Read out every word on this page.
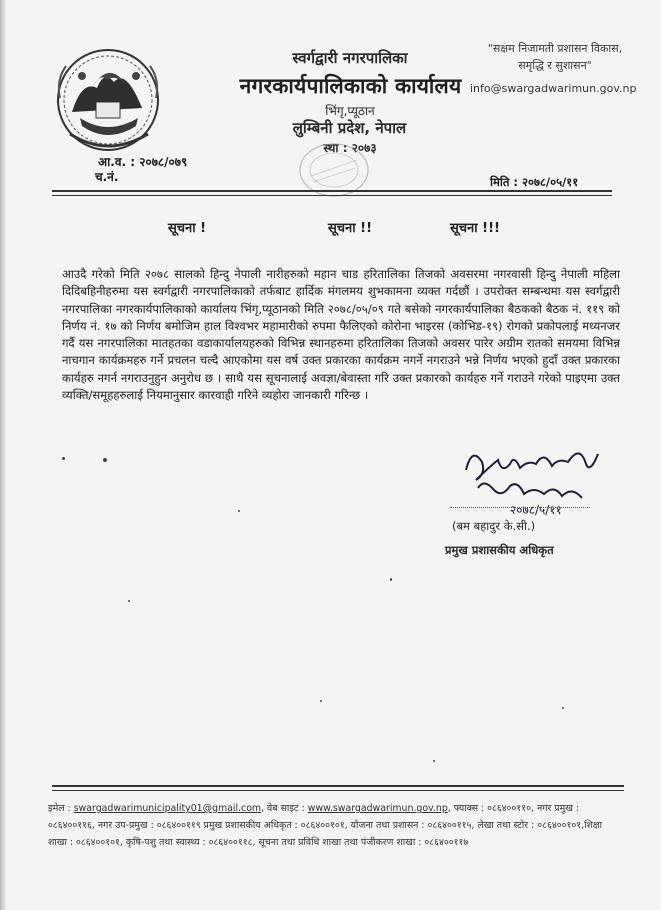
स्वर्गद्वारी नगरपालिका
नगरकार्यपालिकाको कार्यालय
भिंगृ,प्यूठान
लुम्बिनी प्रदेश, नेपाल
स्था : २०७३
"सक्षम निजामती प्रशासन विकास,
समृद्धि र सुशासन"
info@swargadwarimun.gov.np
आ.व. : २०७८/०७९
च.नं.	मिति : २०७८/०५/११
सूचना !	सूचना !!	सूचना !!!
आउदै गरेको मिति २०७८ सालको हिन्दु नेपाली नारीहरुको महान चाड हरितालिका तिजको अवसरमा नगरवासी हिन्दु नेपाली महिला दिदिबहिनीहरुमा यस स्वर्गद्वारी नगरपालिकाको तर्फबाट हार्दिक मंगलमय शुभकामना व्यक्त गर्दछौं । उपरोक्त सम्बन्धमा यस स्वर्गद्वारी नगरपालिका नगरकार्यपालिकाको कार्यालय भिंगृ,प्यूठानको मिति २०७८/०५/०९ गते बसेको नगरकार्यपालिका बैठकको बैठक नं. ११९ को निर्णय नं. १७ को निर्णय बमोजिम हाल विश्वभर महामारीको रुपमा फैलिएको कोरोना भाइरस (कोभिड-१९) रोगको प्रकोपलाई मध्यनजर गर्दै यस नगरपालिका मातहतका वडाकार्यालयहरुको विभिन्न स्थानहरुमा हरितालिका तिजको अवसर पारेर अग्रीम रातको समयमा विभिन्न नाचगान कार्यक्रमहरु गर्ने प्रचलन चल्दै आएकोमा यस वर्ष उक्त प्रकारका कार्यक्रम नगर्ने नगराउने भन्ने निर्णय भएको हुदाँ उक्त प्रकारका कार्यहरु नगर्न नगराउनुहुन अनुरोध छ । साथै यस सूचनालाई अवज्ञा/बेवास्ता गरि उक्त प्रकारको कार्यहरु गर्ने गराउने गरेको पाइएमा उक्त व्यक्ति/समूहहरुलाई नियमानुसार कारवाही गरिने व्यहोरा जानकारी गरिन्छ ।
२०७८/५/११
(बम बहादुर के.सी.)
प्रमुख प्रशासकीय अधिकृत
इमेल : swargadwarimunicipality01@gmail.com, वेब साइट : www.swargadwarimun.gov.np, फ्याक्स : ०८६४००११०, नगर प्रमुख : ०८६४००११६, नगर उप-प्रमुख : ०८६४००११९ प्रमुख प्रशासकीय अधिकृत : ०८६४००१०१, योजना तथा प्रशासन : ०८६४००११५, लेखा तथा स्टोर : ०८६४००१०१,शिक्षा शाखा : ०८६४००१०१, कृषि-पशु तथा स्वास्थ्य : ०८६४००११८, सूचना तथा प्रविधि शाखा तथा पंजीकरण शाखा : ०८६४००११७
